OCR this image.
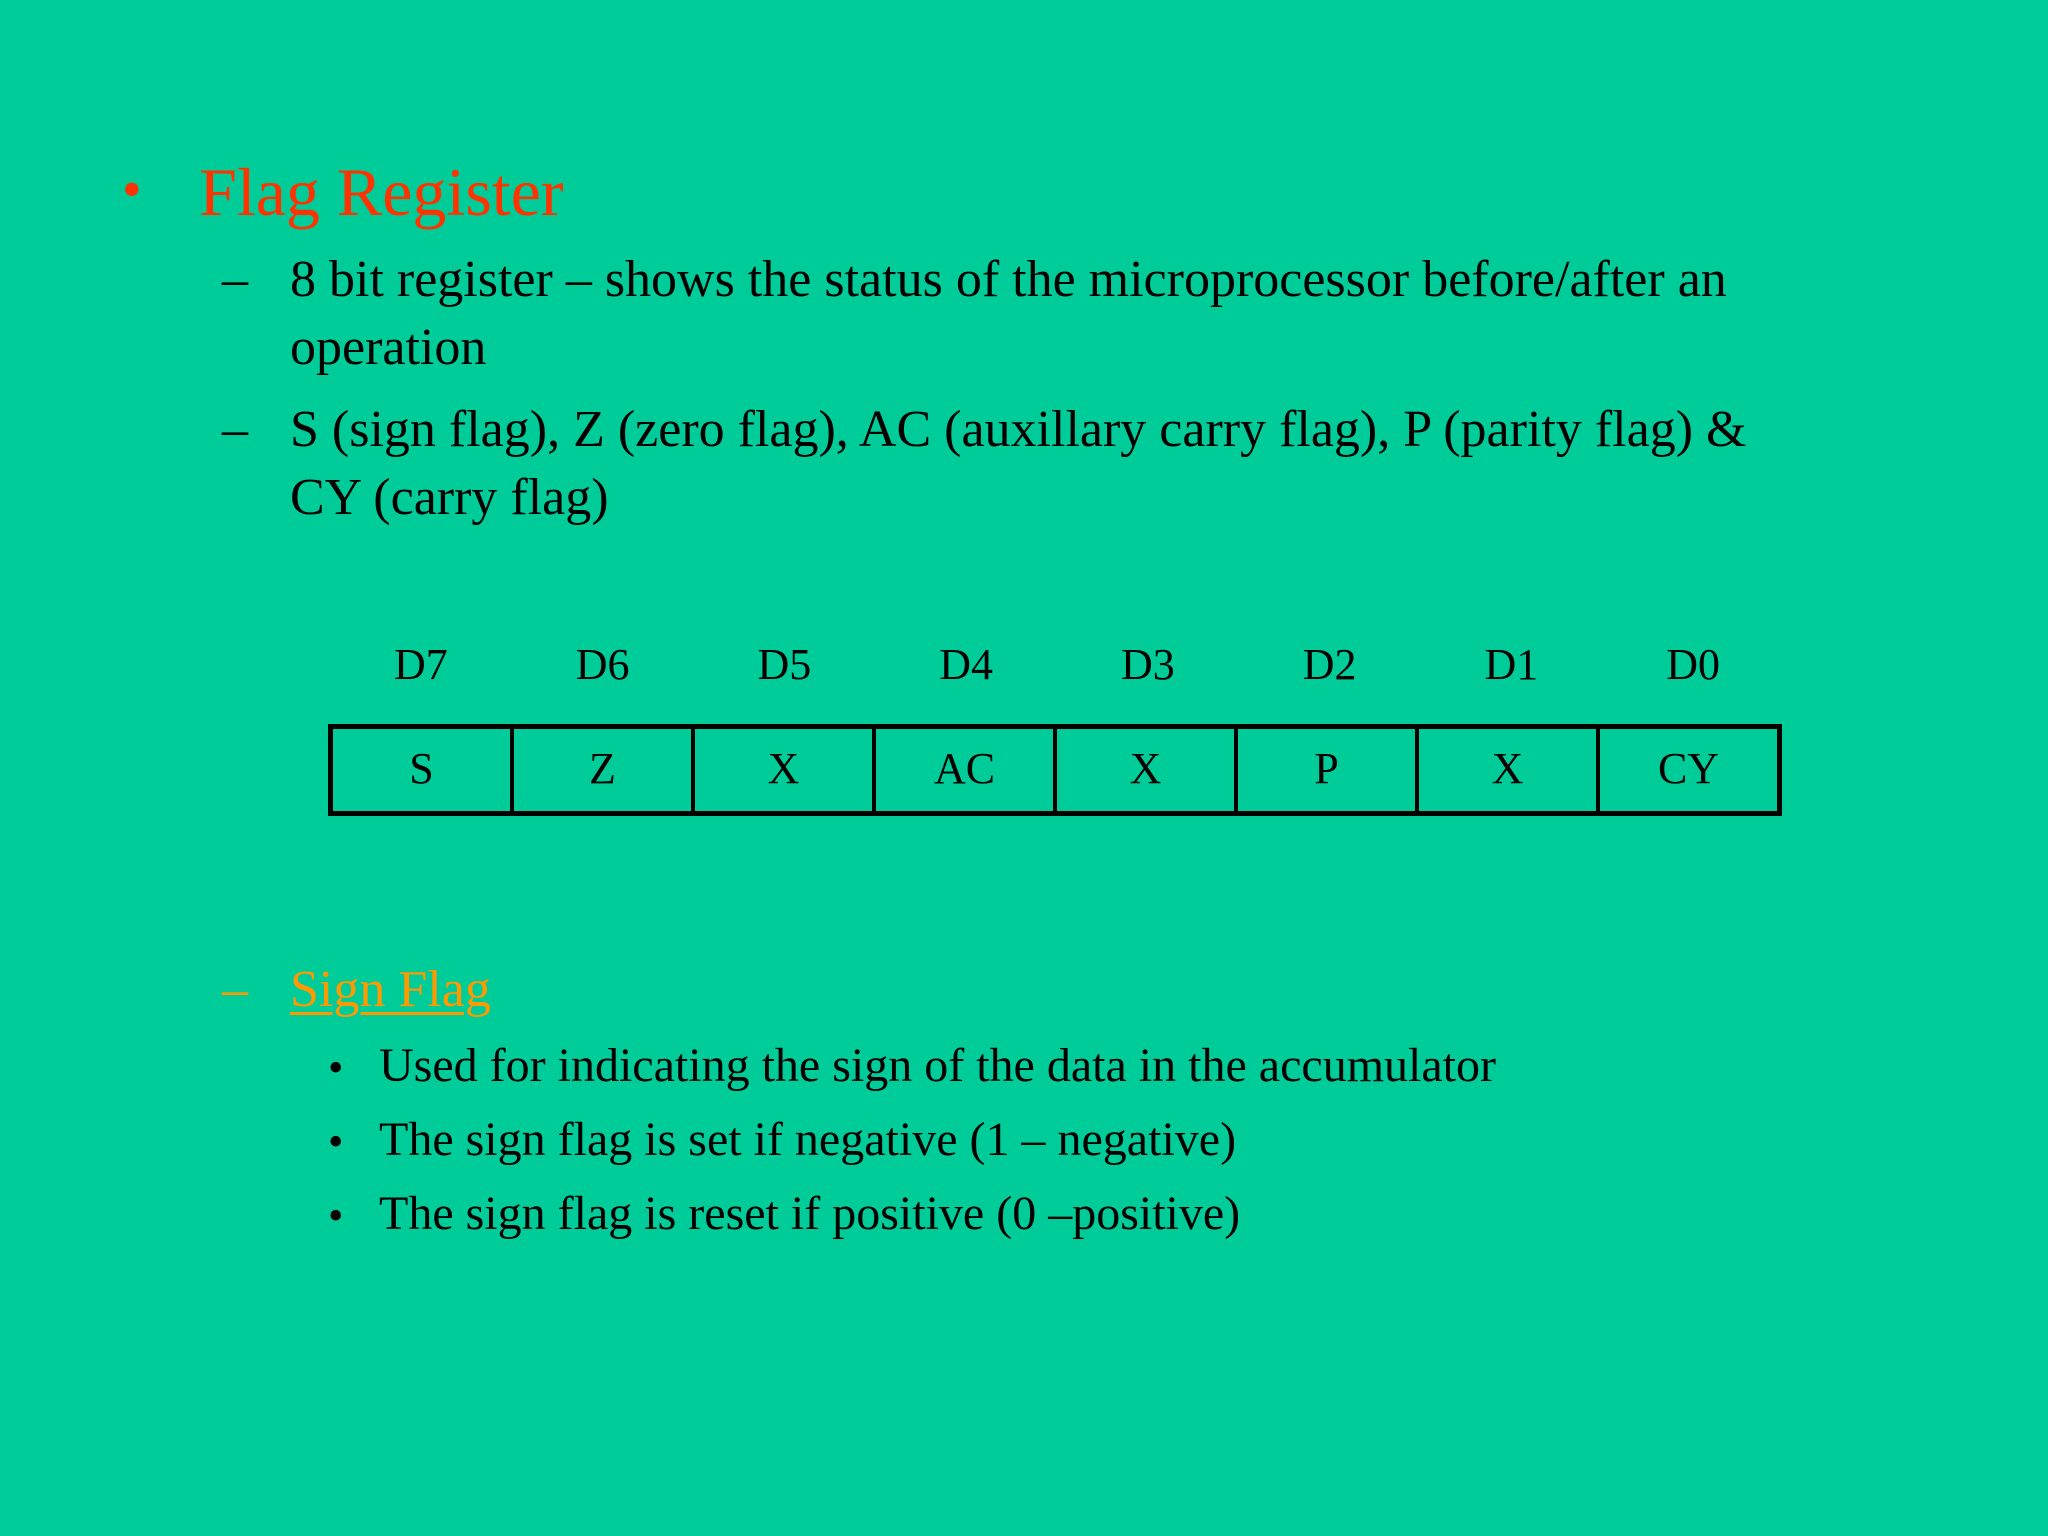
• Flag Register
– 8 bit register – shows the status of the microprocessor before/after an
operation
– S (sign flag), Z (zero flag), AC (auxillary carry flag), P (parity flag) &
CY (carry flag)
D7	D6	D5	D4	D3	D2	D1	D0
S	Z	X	AC	X	P	X	CY
– Sign Flag
• Used for indicating the sign of the data in the accumulator
• The sign flag is set if negative (1 – negative)
• The sign flag is reset if positive (0 –positive)
